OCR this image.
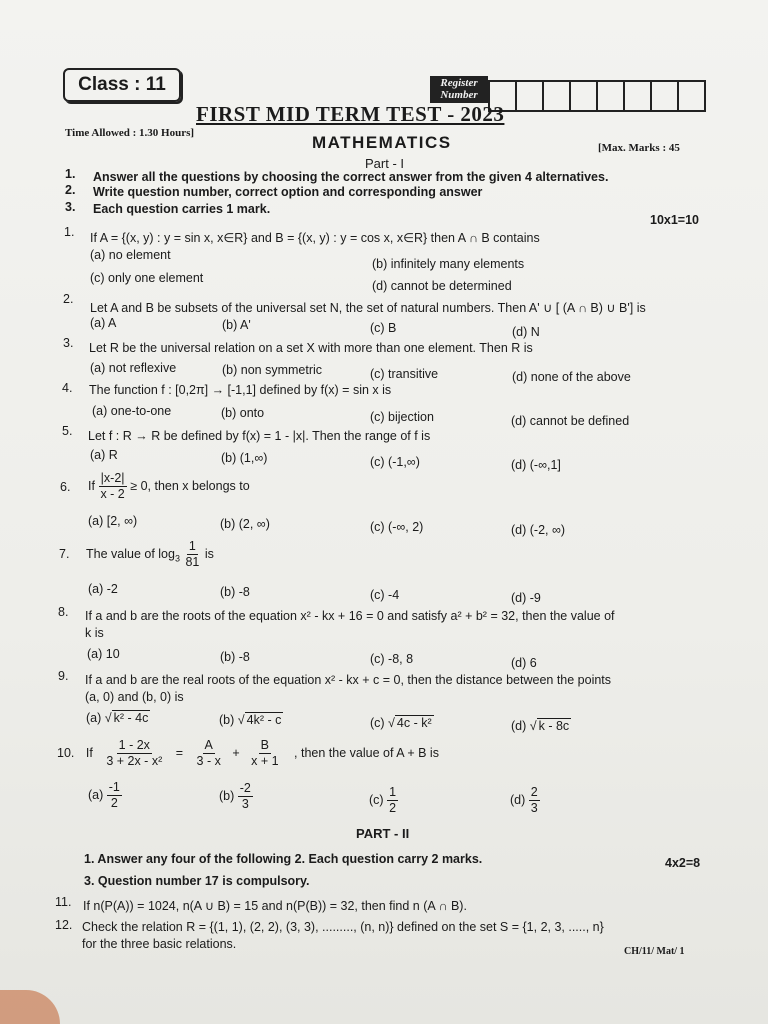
Class : 11	Register
Number
FIRST MID TERM TEST - 2023
Time Allowed : 1.30 Hours]	MATHEMATICS	[Max. Marks : 45
Part - I
1. Answer all the questions by choosing the correct answer from the given 4 alternatives.
2. Write question number, correct option and corresponding answer
3. Each question carries 1 mark.
10x1=10
1. If A = {(x, y) : y = sin x, x∈R} and B = {(x, y) : y = cos x, x∈R} then A ∩ B contains
(a) no element
(b) infinitely many elements
(c) only one element
(d) cannot be determined
2.
Let A and B be subsets of the universal set N, the set of natural numbers. Then A' ∪ [ (A ∩ B) ∪ B'] is
(a) A	(b) A'	(c) B	(d) N
3. Let R be the universal relation on a set X with more than one element. Then R is
(a) not reflexive	(b) non symmetric	(c) transitive	(d) none of the above
4. The function f : [0,2π] → [-1,1] defined by f(x) = sin x is
(a) one-to-one	(b) onto	(c) bijection	(d) cannot be defined
5. Let f : R → R be defined by f(x) = 1 - |x|. Then the range of f is
(a) R	(b) (1,∞)	(c) (-1,∞)	(d) (-∞,1]
6. If $\frac{|x-2|}{x - 2} \ge 0$, then x belongs to
(a) [2, ∞)	(b) (2, ∞)	(c) (-∞, 2)	(d) (-2, ∞)
7. The value of $\log_3 \frac{1}{81}$ is
(a) -2	(b) -8	(c) -4	(d) -9
8. If a and b are the roots of the equation x² - kx + 16 = 0 and satisfy a² + b² = 32, then the value of
k is
(a) 10	(b) -8	(c) -8, 8	(d) 6
9. If a and b are the real roots of the equation x² - kx + c = 0, then the distance between the points
(a, 0) and (b, 0) is
(a) √ k² - 4c	(b) √ 4k² - c	(c) √ 4c - k²	(d) √ k - 8c
10. If $\frac{1 - 2x}{\text{3 + 2x - x²}} = \frac{A}{3 - x} + \frac{B}{x + 1}$ , then the value of A + B is
$(a) \frac{-1}{2}$	$(b) \frac{-2}{3}$	$(c) \frac{1}{2}$	$(d) \frac{2}{3}$
PART - II
1. Answer any four of the following 2. Each question carry 2 marks.	4x2=8
3. Question number 17 is compulsory.
11. If n(P(A)) = 1024, n(A ∪ B) = 15 and n(P(B)) = 32, then find n (A ∩ B).
12. Check the relation R = {(1, 1), (2, 2), (3, 3), ........., (n, n)} defined on the set S = {1, 2, 3, ....., n}
for the three basic relations.
CH/11/ Mat/ 1
